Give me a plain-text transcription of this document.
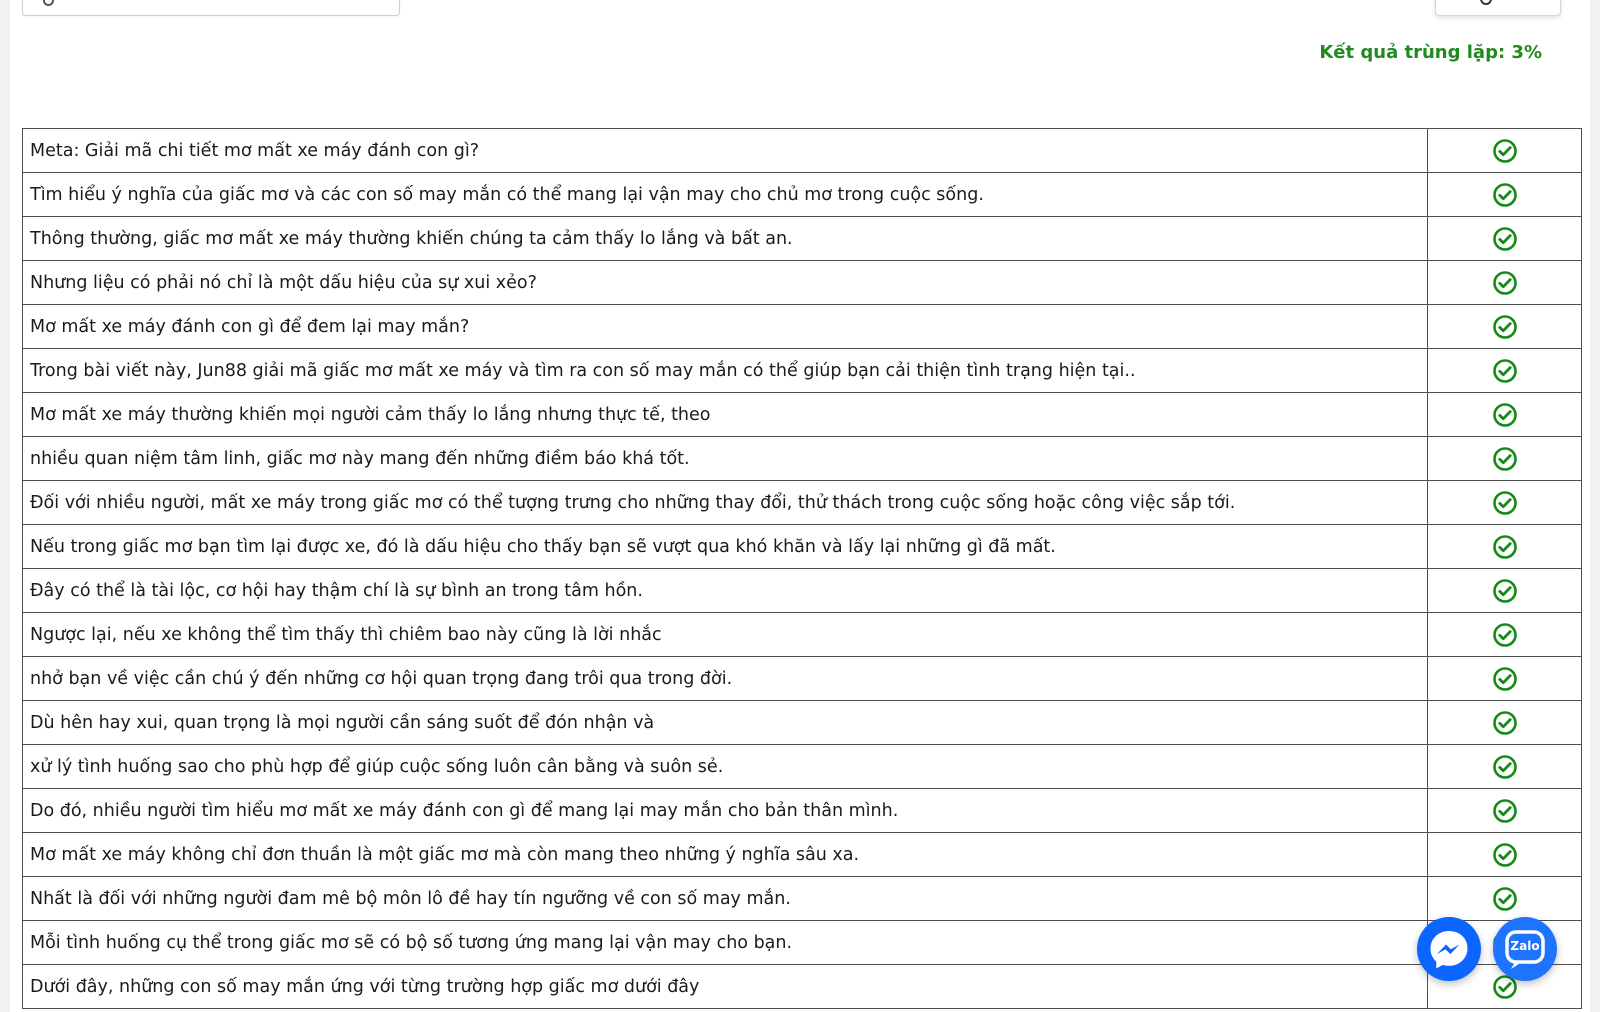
Kết quả trùng lặp: 3%
Meta: Giải mã chi tiết mơ mất xe máy đánh con gì?	
Tìm hiểu ý nghĩa của giấc mơ và các con số may mắn có thể mang lại vận may cho chủ mơ trong cuộc sống.	
Thông thường, giấc mơ mất xe máy thường khiến chúng ta cảm thấy lo lắng và bất an.	
Nhưng liệu có phải nó chỉ là một dấu hiệu của sự xui xẻo?	
Mơ mất xe máy đánh con gì để đem lại may mắn?	
Trong bài viết này, Jun88 giải mã giấc mơ mất xe máy và tìm ra con số may mắn có thể giúp bạn cải thiện tình trạng hiện tại..	
Mơ mất xe máy thường khiến mọi người cảm thấy lo lắng nhưng thực tế, theo	
nhiều quan niệm tâm linh, giấc mơ này mang đến những điềm báo khá tốt.	
Đối với nhiều người, mất xe máy trong giấc mơ có thể tượng trưng cho những thay đổi, thử thách trong cuộc sống hoặc công việc sắp tới.	
Nếu trong giấc mơ bạn tìm lại được xe, đó là dấu hiệu cho thấy bạn sẽ vượt qua khó khăn và lấy lại những gì đã mất.	
Đây có thể là tài lộc, cơ hội hay thậm chí là sự bình an trong tâm hồn.	
Ngược lại, nếu xe không thể tìm thấy thì chiêm bao này cũng là lời nhắc	
nhở bạn về việc cần chú ý đến những cơ hội quan trọng đang trôi qua trong đời.	
Dù hên hay xui, quan trọng là mọi người cần sáng suốt để đón nhận và	
xử lý tình huống sao cho phù hợp để giúp cuộc sống luôn cân bằng và suôn sẻ.	
Do đó, nhiều người tìm hiểu mơ mất xe máy đánh con gì để mang lại may mắn cho bản thân mình.	
Mơ mất xe máy không chỉ đơn thuần là một giấc mơ mà còn mang theo những ý nghĩa sâu xa.	
Nhất là đối với những người đam mê bộ môn lô đề hay tín ngưỡng về con số may mắn.	
Mỗi tình huống cụ thể trong giấc mơ sẽ có bộ số tương ứng mang lại vận may cho bạn.	
Dưới đây, những con số may mắn ứng với từng trường hợp giấc mơ dưới đây	
Zalo
